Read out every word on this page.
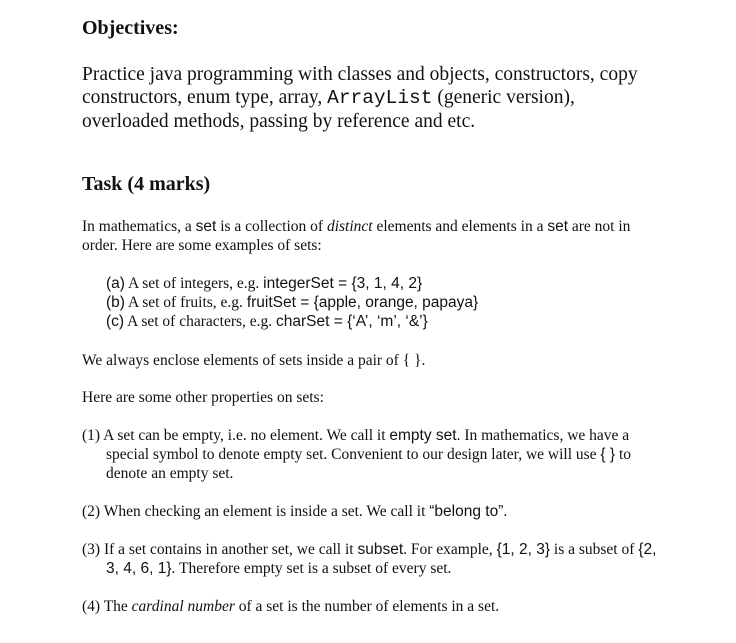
Objectives:
Practice java programming with classes and objects, constructors, copy constructors, enum type, array, ArrayList (generic version), overloaded methods, passing by reference and etc.
Task (4 marks)
In mathematics, a set is a collection of distinct elements and elements in a set are not in order. Here are some examples of sets:
(a) A set of integers, e.g. integerSet = {3, 1, 4, 2}
(b) A set of fruits, e.g. fruitSet = {apple, orange, papaya}
(c) A set of characters, e.g. charSet = {‘A’, ‘m’, ‘&’}
We always enclose elements of sets inside a pair of { }.
Here are some other properties on sets:
(1) A set can be empty, i.e. no element. We call it empty set. In mathematics, we have a special symbol to denote empty set. Convenient to our design later, we will use { } to denote an empty set.
(2) When checking an element is inside a set. We call it “belong to”.
(3) If a set contains in another set, we call it subset. For example, {1, 2, 3} is a subset of {2, 3, 4, 6, 1}. Therefore empty set is a subset of every set.
(4) The cardinal number of a set is the number of elements in a set.
